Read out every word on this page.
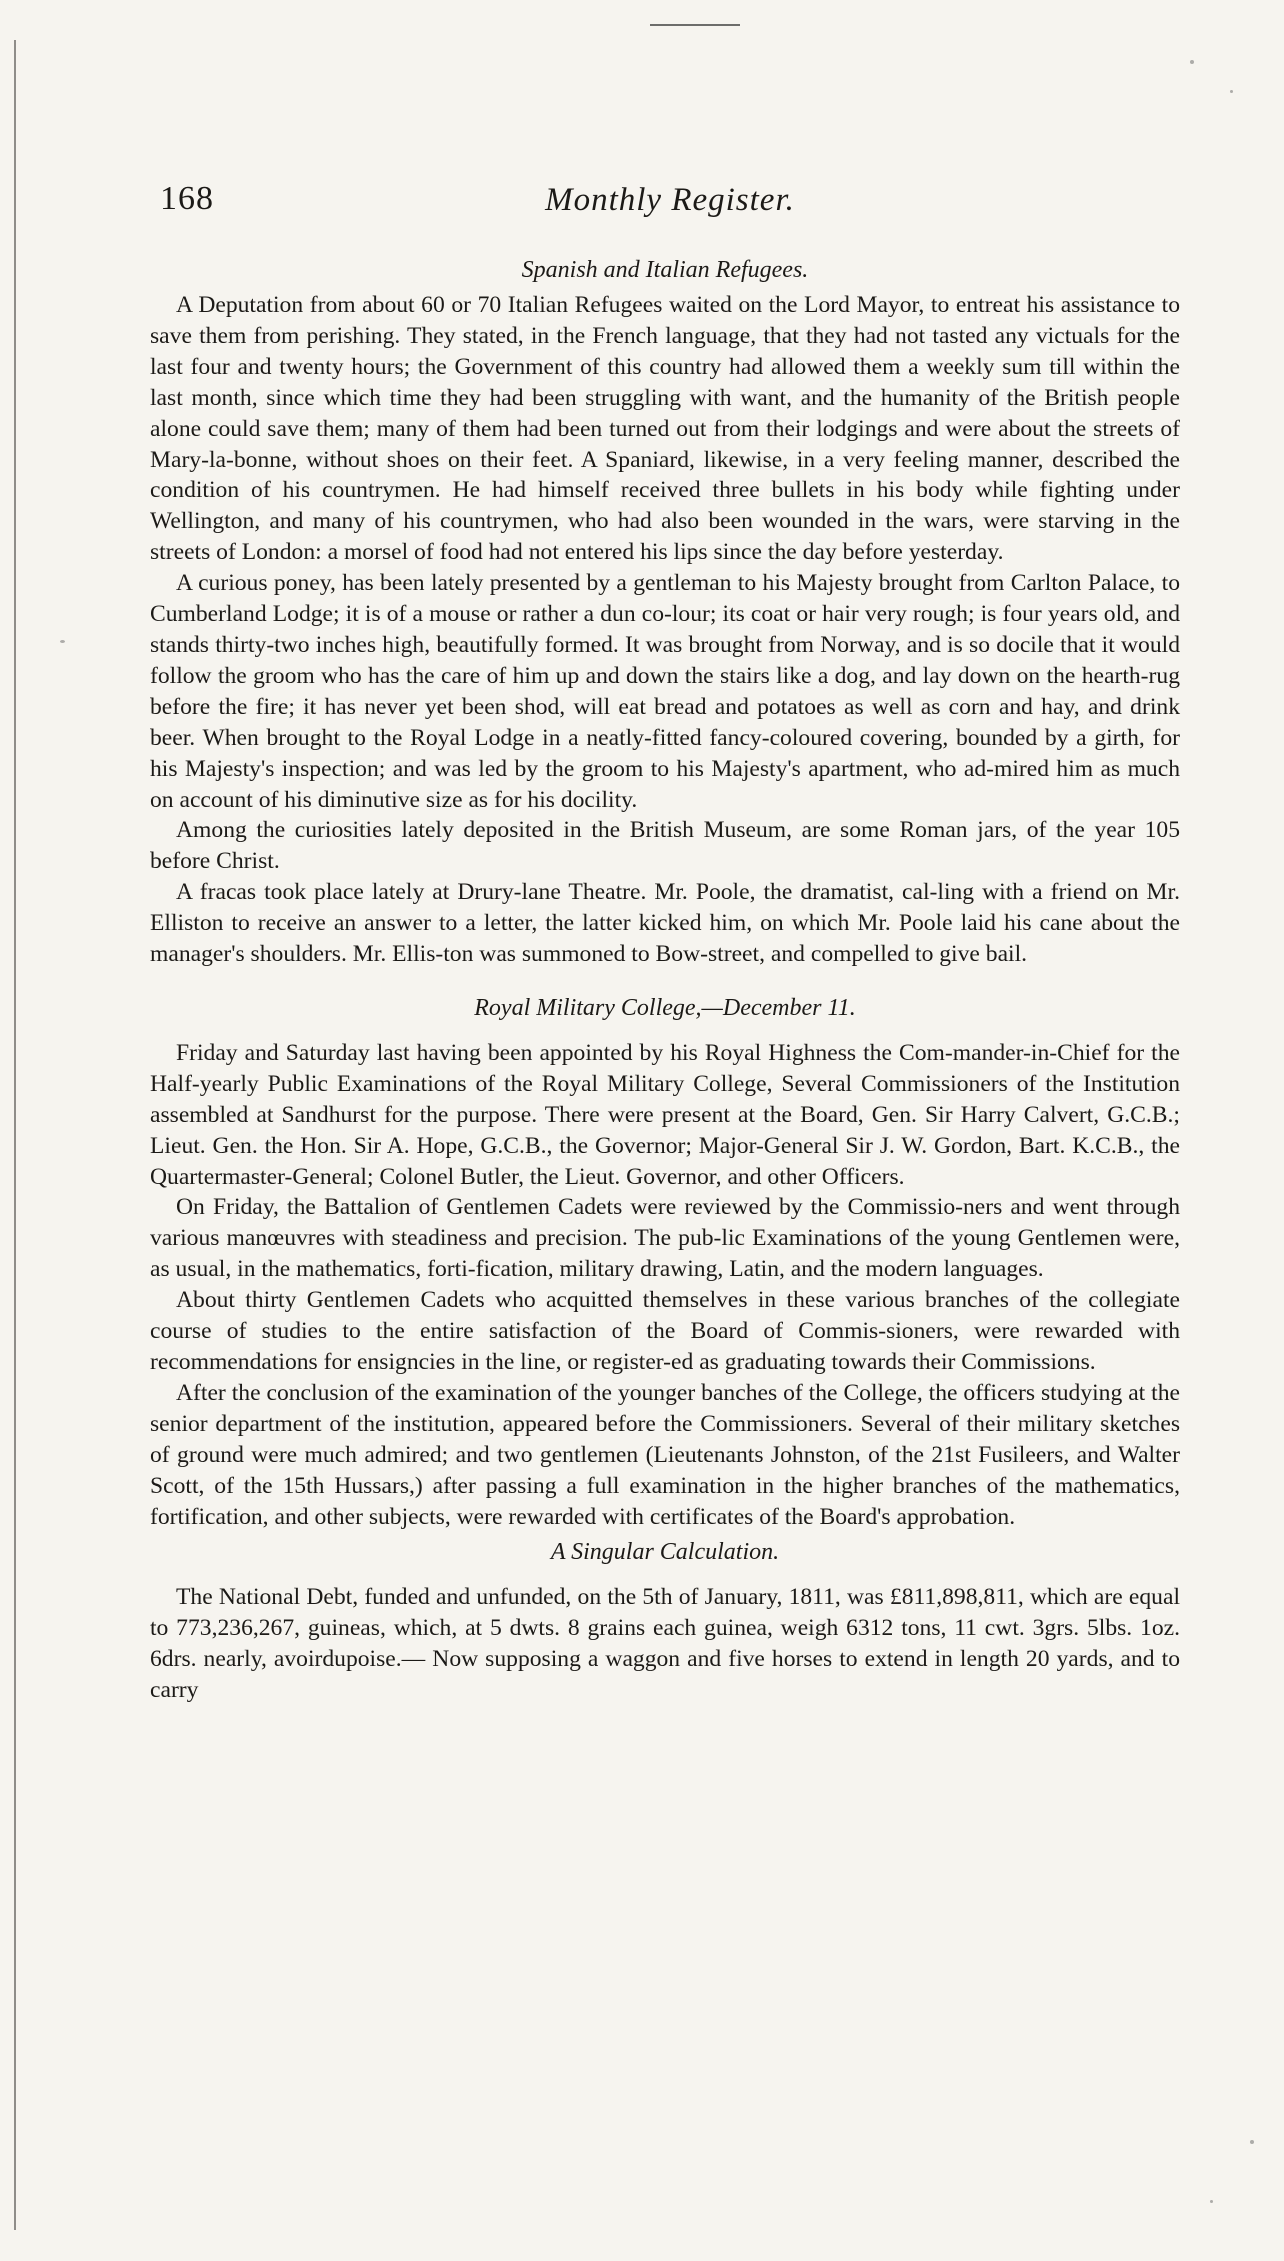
168	Monthly Register.
Spanish and Italian Refugees.

A Deputation from about 60 or 70 Italian Refugees waited on the Lord Mayor, to entreat his assistance to save them from perishing. They stated, in the French language, that they had not tasted any victuals for the last four and twenty hours; the Government of this country had allowed them a weekly sum till within the last month, since which time they had been struggling with want, and the humanity of the British people alone could save them; many of them had been turned out from their lodgings and were about the streets of Mary-la-bonne, without shoes on their feet. A Spaniard, likewise, in a very feeling manner, described the condition of his countrymen. He had himself received three bullets in his body while fighting under Wellington, and many of his countrymen, who had also been wounded in the wars, were starving in the streets of London: a morsel of food had not entered his lips since the day before yesterday.

A curious poney, has been lately presented by a gentleman to his Majesty brought from Carlton Palace, to Cumberland Lodge; it is of a mouse or rather a dun co-lour; its coat or hair very rough; is four years old, and stands thirty-two inches high, beautifully formed. It was brought from Norway, and is so docile that it would follow the groom who has the care of him up and down the stairs like a dog, and lay down on the hearth-rug before the fire; it has never yet been shod, will eat bread and potatoes as well as corn and hay, and drink beer. When brought to the Royal Lodge in a neatly-fitted fancy-coloured covering, bounded by a girth, for his Majesty's inspection; and was led by the groom to his Majesty's apartment, who ad-mired him as much on account of his diminutive size as for his docility.

Among the curiosities lately deposited in the British Museum, are some Roman jars, of the year 105 before Christ.

A fracas took place lately at Drury-lane Theatre. Mr. Poole, the dramatist, cal-ling with a friend on Mr. Elliston to receive an answer to a letter, the latter kicked him, on which Mr. Poole laid his cane about the manager's shoulders. Mr. Ellis-ton was summoned to Bow-street, and compelled to give bail.

Royal Military College,—December 11.

Friday and Saturday last having been appointed by his Royal Highness the Com-mander-in-Chief for the Half-yearly Public Examinations of the Royal Military College, Several Commissioners of the Institution assembled at Sandhurst for the purpose. There were present at the Board, Gen. Sir Harry Calvert, G.C.B.; Lieut. Gen. the Hon. Sir A. Hope, G.C.B., the Governor; Major-General Sir J. W. Gordon, Bart. K.C.B., the Quartermaster-General; Colonel Butler, the Lieut. Governor, and other Officers.

On Friday, the Battalion of Gentlemen Cadets were reviewed by the Commissio-ners and went through various manœuvres with steadiness and precision. The pub-lic Examinations of the young Gentlemen were, as usual, in the mathematics, forti-fication, military drawing, Latin, and the modern languages.

About thirty Gentlemen Cadets who acquitted themselves in these various branches of the collegiate course of studies to the entire satisfaction of the Board of Commis-sioners, were rewarded with recommendations for ensigncies in the line, or register-ed as graduating towards their Commissions.

After the conclusion of the examination of the younger banches of the College, the officers studying at the senior department of the institution, appeared before the Commissioners. Several of their military sketches of ground were much admired; and two gentlemen (Lieutenants Johnston, of the 21st Fusileers, and Walter Scott, of the 15th Hussars,) after passing a full examination in the higher branches of the mathematics, fortification, and other subjects, were rewarded with certificates of the Board's approbation.

A Singular Calculation.

The National Debt, funded and unfunded, on the 5th of January, 1811, was £811,898,811, which are equal to 773,236,267, guineas, which, at 5 dwts. 8 grains each guinea, weigh 6312 tons, 11 cwt. 3grs. 5lbs. 1oz. 6drs. nearly, avoirdupoise.— Now supposing a waggon and five horses to extend in length 20 yards, and to carry
